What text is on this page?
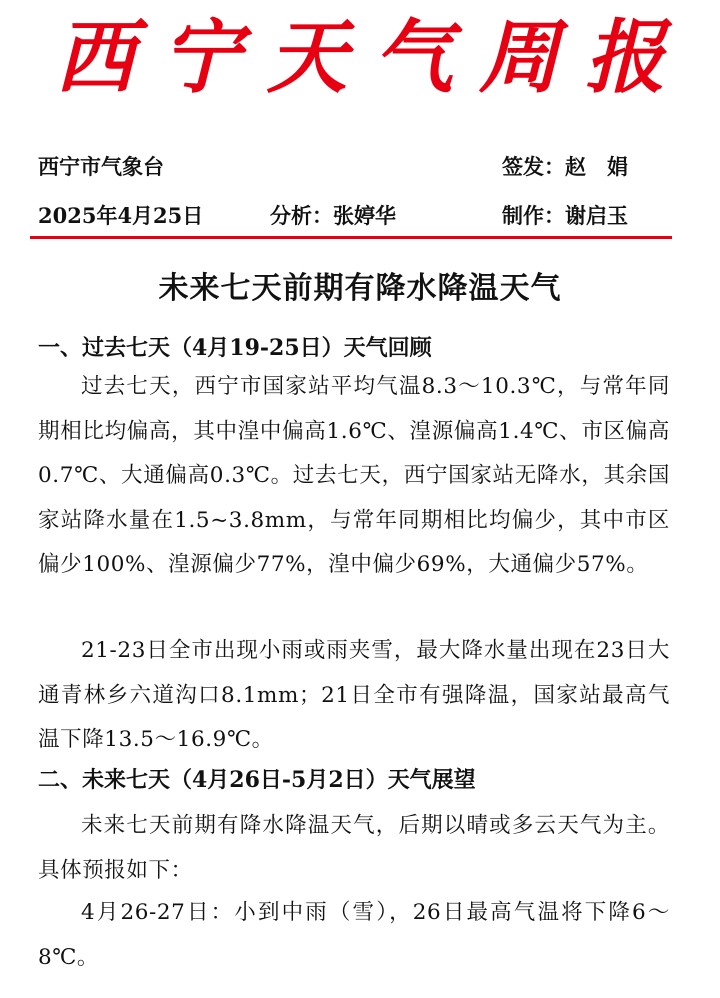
西宁天气周报
西宁市气象台	签发：赵　娟
2025年4月25日	分析：张婷华	制作：谢启玉
未来七天前期有降水降温天气
一、过去七天（4月19-25日）天气回顾
过去七天，西宁市国家站平均气温8.3～10.3℃，与常年同期相比均偏高，其中湟中偏高1.6℃、湟源偏高1.4℃、市区偏高0.7℃、大通偏高0.3℃。过去七天，西宁国家站无降水，其余国家站降水量在1.5~3.8mm，与常年同期相比均偏少，其中市区偏少100%、湟源偏少77%，湟中偏少69%，大通偏少57%。
21-23日全市出现小雨或雨夹雪，最大降水量出现在23日大通青林乡六道沟口8.1mm；21日全市有强降温，国家站最高气温下降13.5～16.9℃。
二、未来七天（4月26日-5月2日）天气展望
未来七天前期有降水降温天气，后期以晴或多云天气为主。具体预报如下：
4月26-27日：小到中雨（雪），26日最高气温将下降6～8℃。
